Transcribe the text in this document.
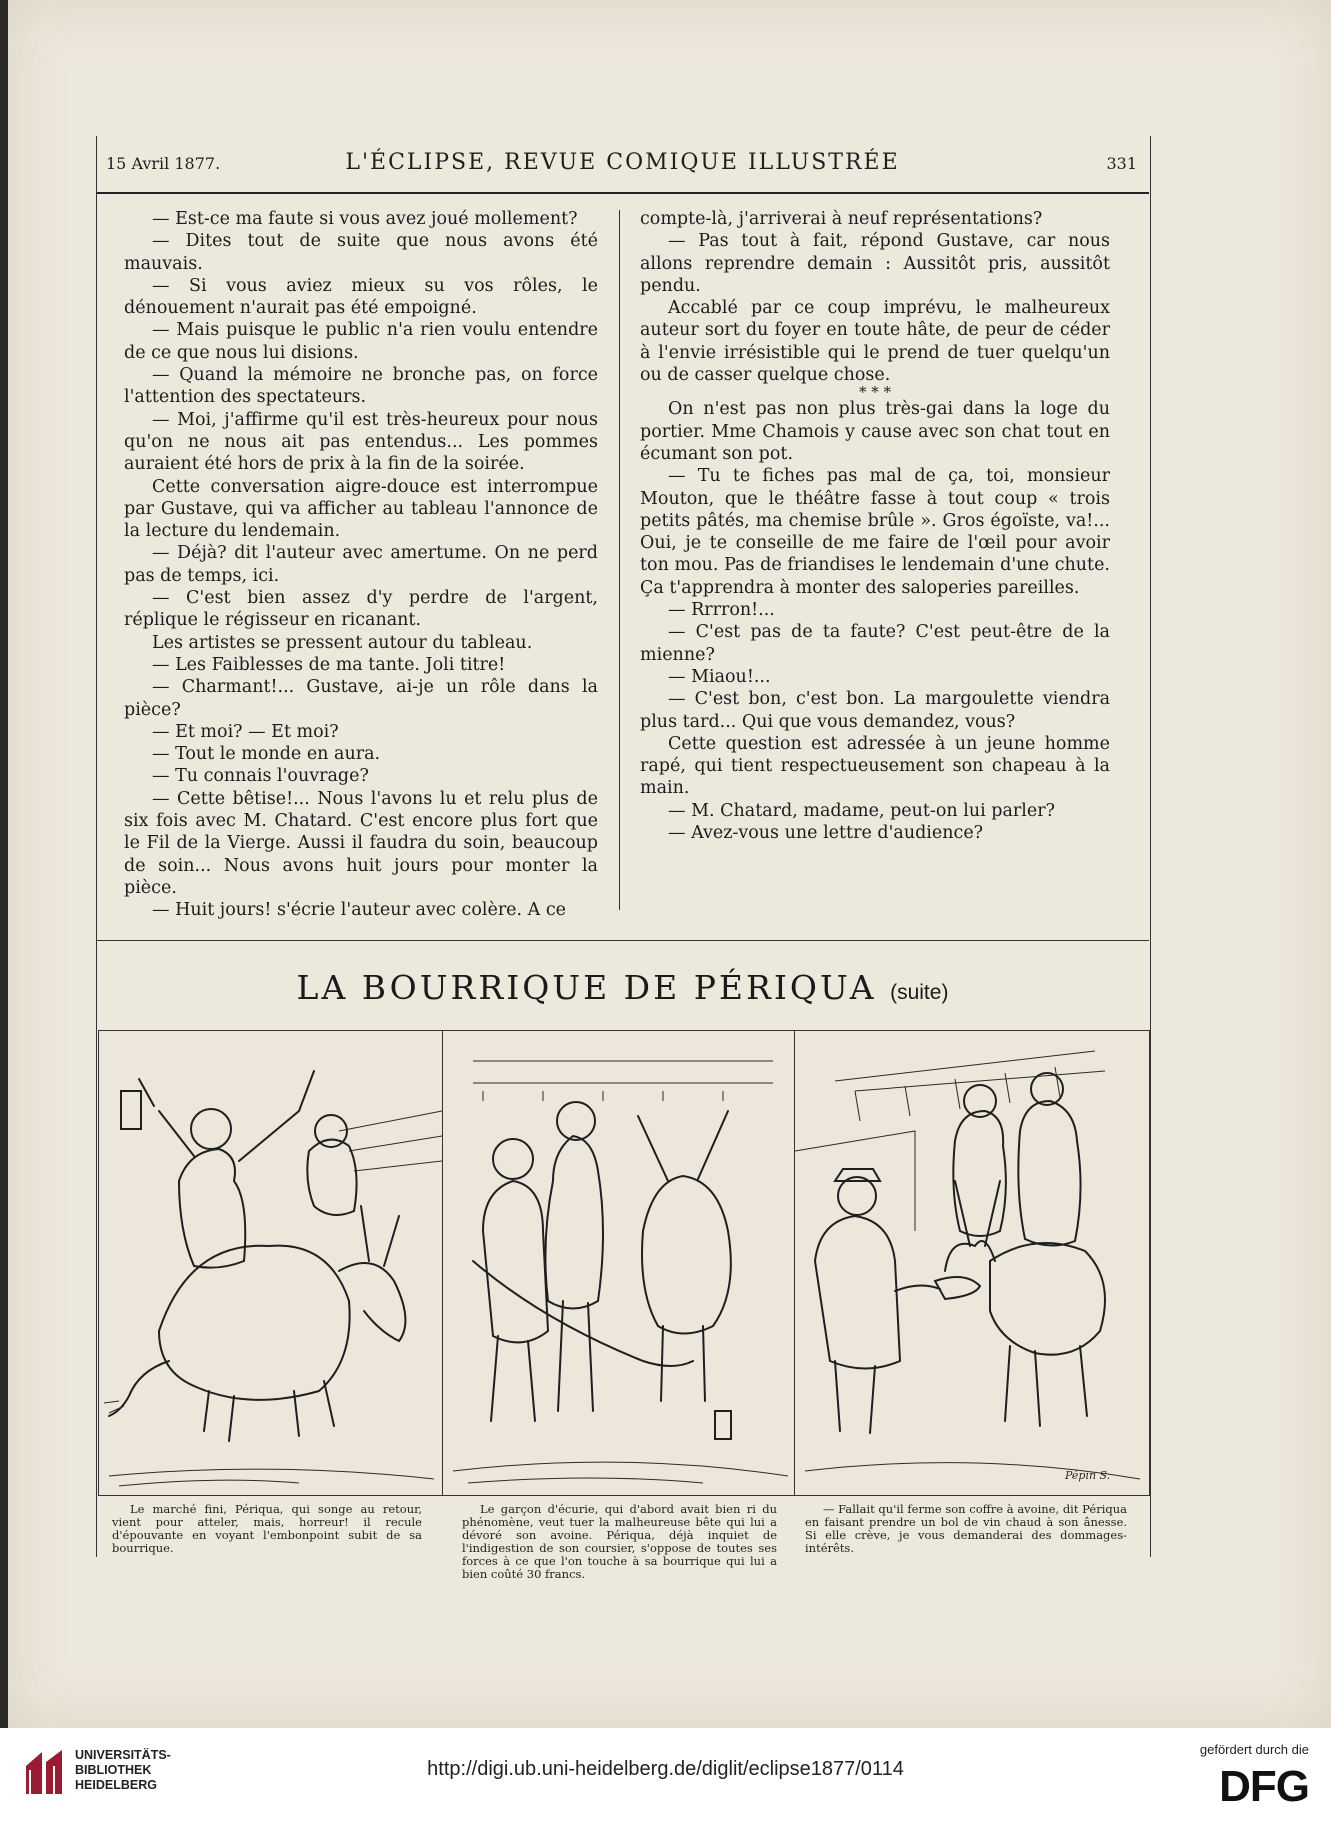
15 Avril 1877.	L'ÉCLIPSE, REVUE COMIQUE ILLUSTRÉE	331

— Est-ce ma faute si vous avez joué mollement?

— Dites tout de suite que nous avons été mauvais.

— Si vous aviez mieux su vos rôles, le dénouement n'aurait pas été empoigné.

— Mais puisque le public n'a rien voulu entendre de ce que nous lui disions.

— Quand la mémoire ne bronche pas, on force l'attention des spectateurs.

— Moi, j'affirme qu'il est très-heureux pour nous qu'on ne nous ait pas entendus... Les pommes auraient été hors de prix à la fin de la soirée.

Cette conversation aigre-douce est interrompue par Gustave, qui va afficher au tableau l'annonce de la lecture du lendemain.

— Déjà? dit l'auteur avec amertume. On ne perd pas de temps, ici.

— C'est bien assez d'y perdre de l'argent, réplique le régisseur en ricanant.

Les artistes se pressent autour du tableau.

— Les Faiblesses de ma tante. Joli titre!

— Charmant!... Gustave, ai-je un rôle dans la pièce?

— Et moi? — Et moi?

— Tout le monde en aura.

— Tu connais l'ouvrage?

— Cette bêtise!... Nous l'avons lu et relu plus de six fois avec M. Chatard. C'est encore plus fort que le Fil de la Vierge. Aussi il faudra du soin, beaucoup de soin... Nous avons huit jours pour monter la pièce.

— Huit jours! s'écrie l'auteur avec colère. A ce

compte-là, j'arriverai à neuf représentations?

— Pas tout à fait, répond Gustave, car nous allons reprendre demain : Aussitôt pris, aussitôt pendu.

Accablé par ce coup imprévu, le malheureux auteur sort du foyer en toute hâte, de peur de céder à l'envie irrésistible qui le prend de tuer quelqu'un ou de casser quelque chose.

* * *

On n'est pas non plus très-gai dans la loge du portier. Mme Chamois y cause avec son chat tout en écumant son pot.

— Tu te fiches pas mal de ça, toi, monsieur Mouton, que le théâtre fasse à tout coup « trois petits pâtés, ma chemise brûle ». Gros égoïste, va!... Oui, je te conseille de me faire de l'œil pour avoir ton mou. Pas de friandises le lendemain d'une chute. Ça t'apprendra à monter des saloperies pareilles.

— Rrrron!...

— C'est pas de ta faute? C'est peut-être de la mienne?

— Miaou!...

— C'est bon, c'est bon. La margoulette viendra plus tard... Qui que vous demandez, vous?

Cette question est adressée à un jeune homme rapé, qui tient respectueusement son chapeau à la main.

— M. Chatard, madame, peut-on lui parler?

— Avez-vous une lettre d'audience?

LA BOURRIQUE DE PÉRIQUA (suite)
Pépin S.
Le marché fini, Périqua, qui songe au retour, vient pour atteler, mais, horreur! il recule d'épouvante en voyant l'embonpoint subit de sa bourrique.
Le garçon d'écurie, qui d'abord avait bien ri du phénomène, veut tuer la malheureuse bête qui lui a dévoré son avoine. Périqua, déjà inquiet de l'indigestion de son coursier, s'oppose de toutes ses forces à ce que l'on touche à sa bourrique qui lui a bien coûté 30 francs.
— Fallait qu'il ferme son coffre à avoine, dit Périqua en faisant prendre un bol de vin chaud à son ânesse. Si elle crève, je vous demanderai des dommages-intérêts.
UNIVERSITÄTS-
BIBLIOTHEK
HEIDELBERG
http://digi.ub.uni-heidelberg.de/diglit/eclipse1877/0114
gefördert durch die
DFG
